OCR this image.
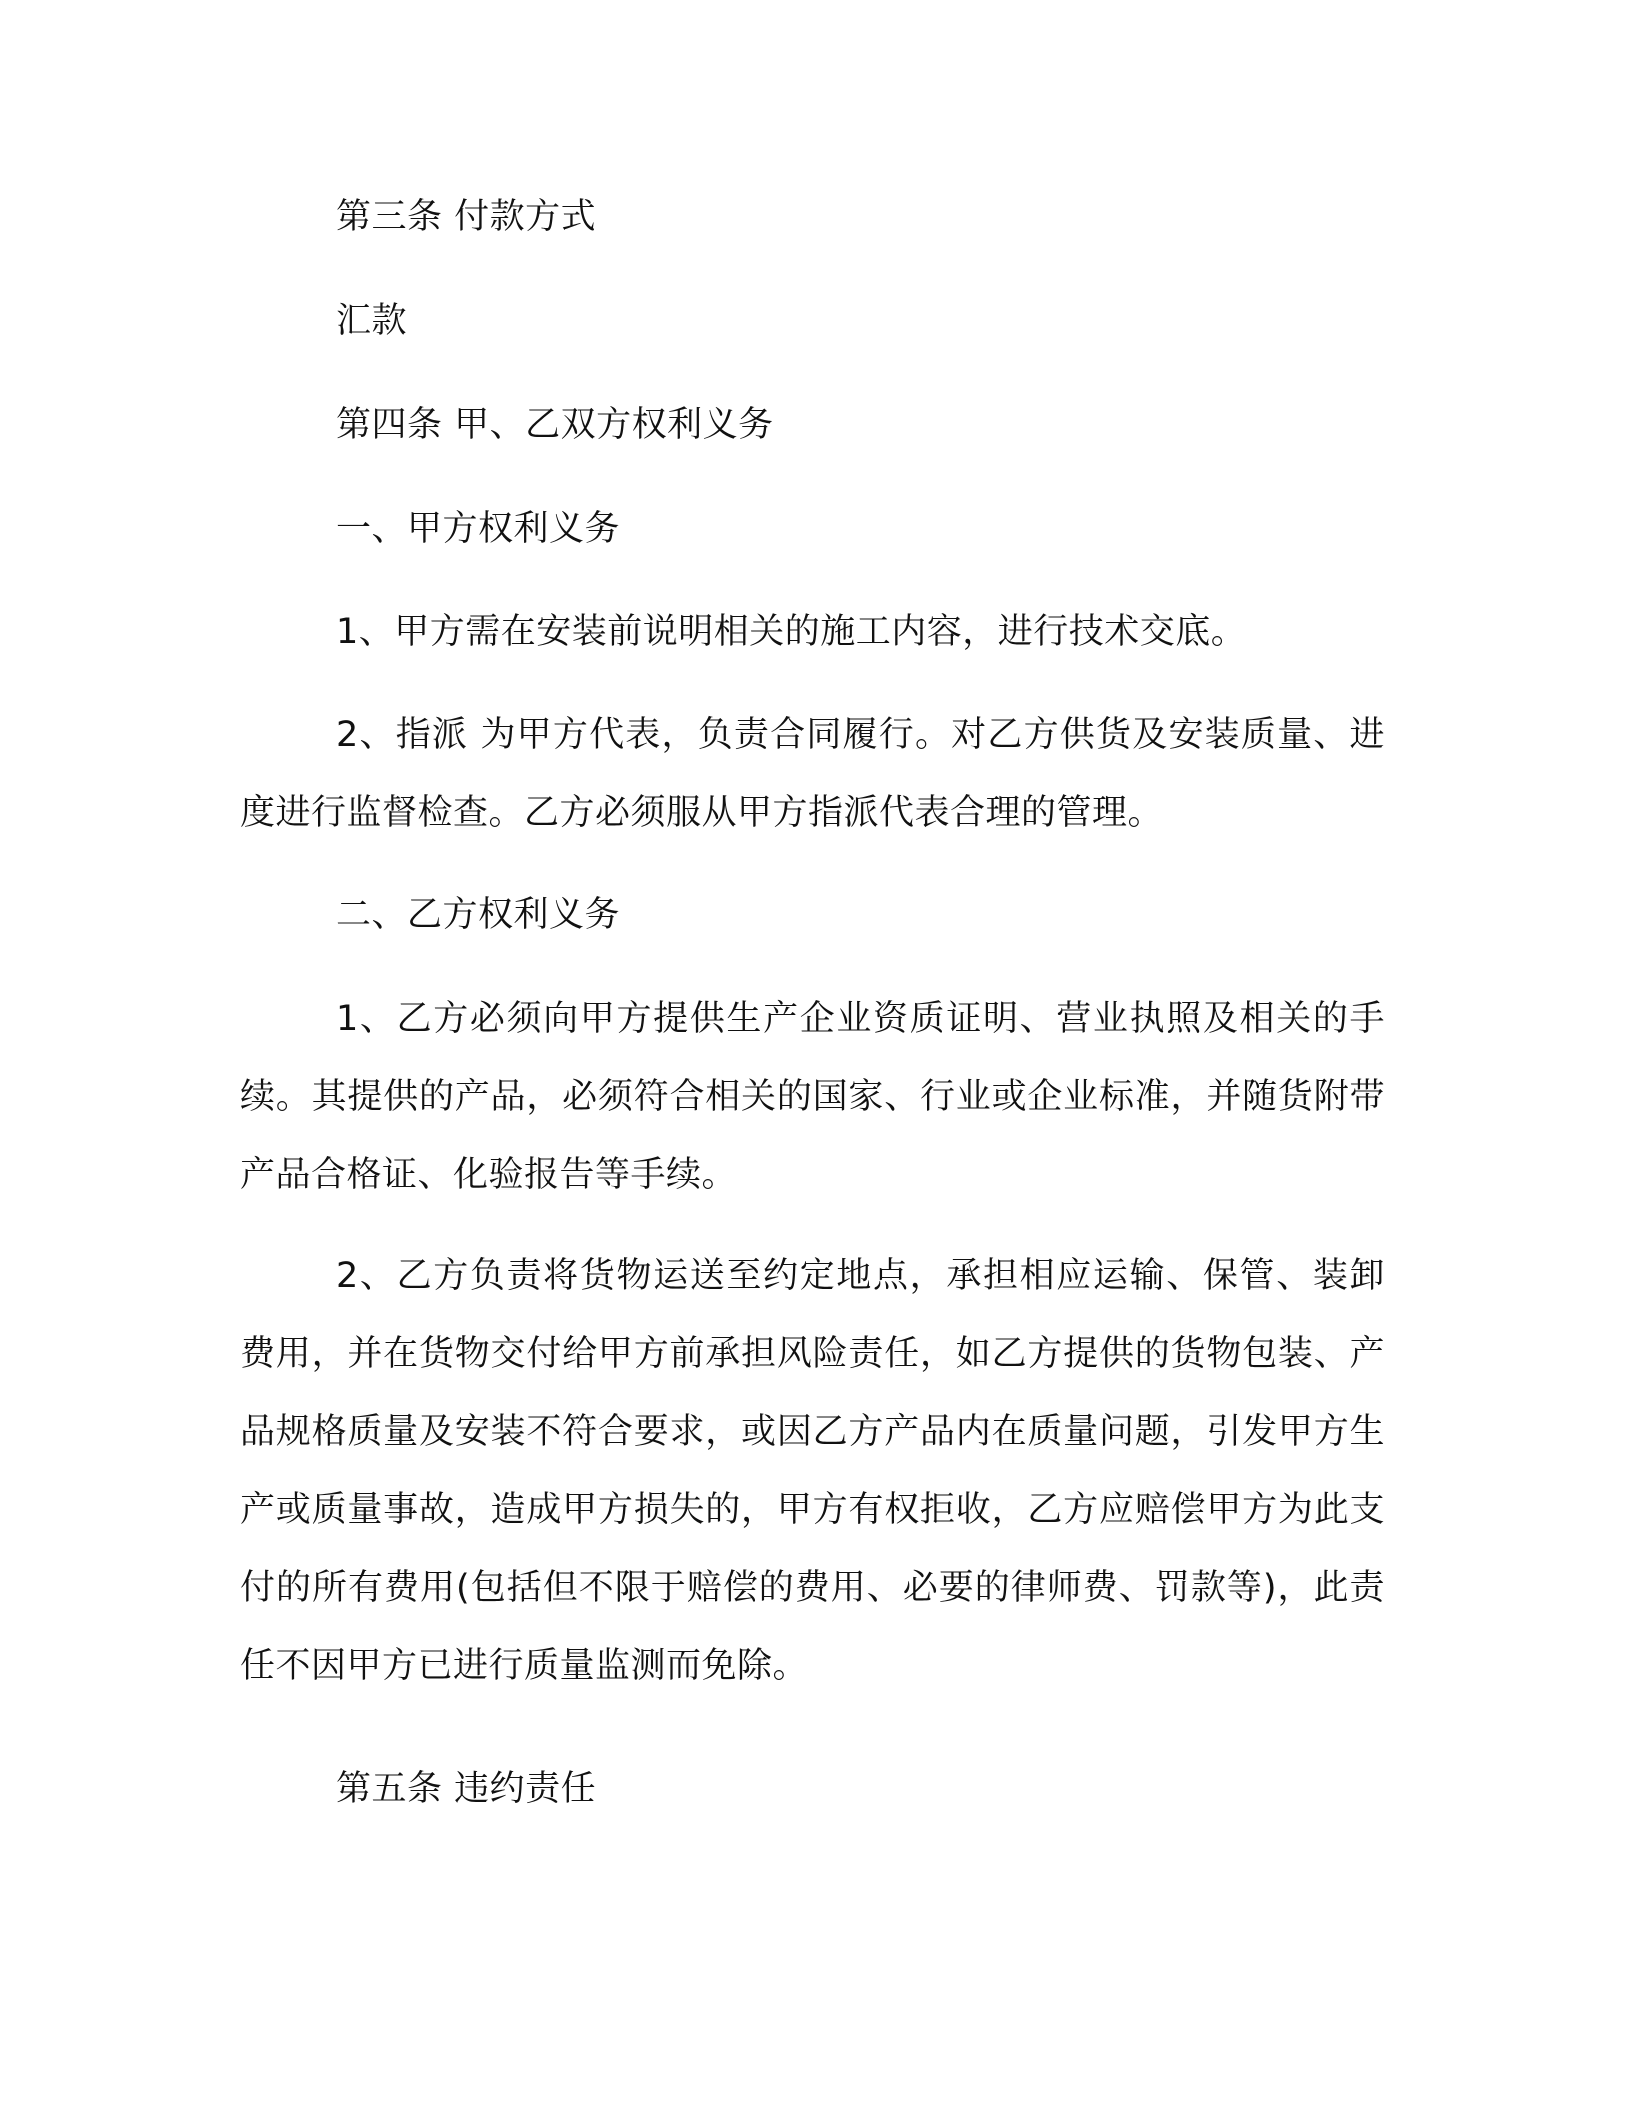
第三条 付款方式

汇款

第四条 甲、乙双方权利义务

一、甲方权利义务

1、甲方需在安装前说明相关的施工内容，进行技术交底。

2、指派 为甲方代表，负责合同履行。对乙方供货及安装质量、进度进行监督检查。乙方必须服从甲方指派代表合理的管理。

二、乙方权利义务

1、乙方必须向甲方提供生产企业资质证明、营业执照及相关的手续。其提供的产品，必须符合相关的国家、行业或企业标准，并随货附带产品合格证、化验报告等手续。

2、乙方负责将货物运送至约定地点，承担相应运输、保管、装卸费用，并在货物交付给甲方前承担风险责任，如乙方提供的货物包装、产品规格质量及安装不符合要求，或因乙方产品内在质量问题，引发甲方生产或质量事故，造成甲方损失的，甲方有权拒收，乙方应赔偿甲方为此支付的所有费用(包括但不限于赔偿的费用、必要的律师费、罚款等)，此责任不因甲方已进行质量监测而免除。

第五条 违约责任
